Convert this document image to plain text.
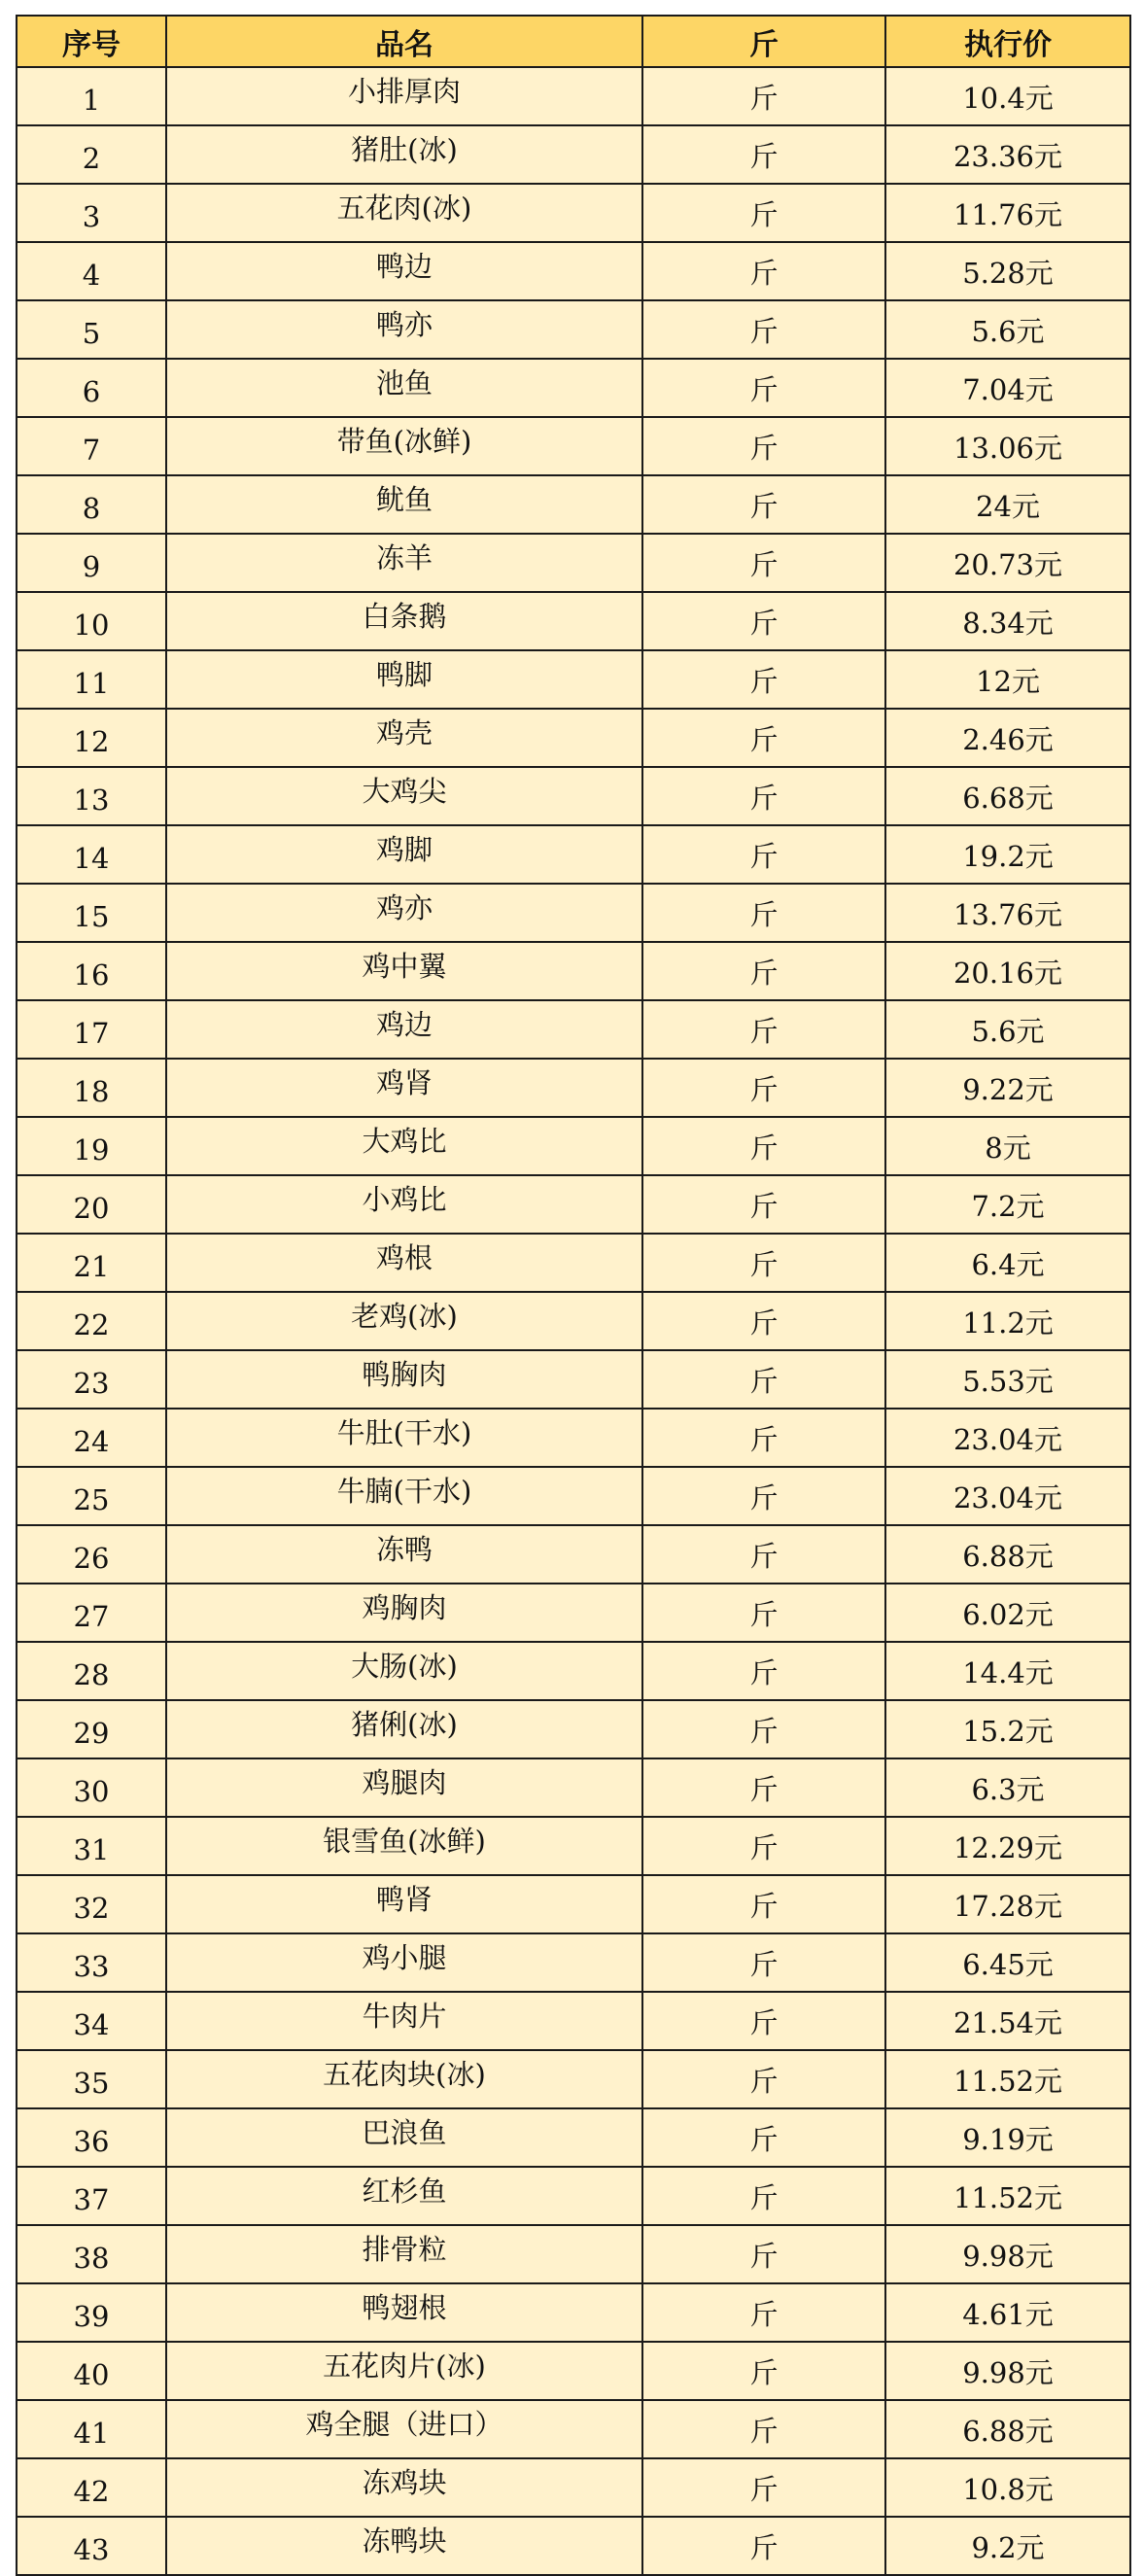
序号	品名	斤	执行价
1	小排厚肉	斤	10.4元
2	猪肚(冰)	斤	23.36元
3	五花肉(冰)	斤	11.76元
4	鸭边	斤	5.28元
5	鸭亦	斤	5.6元
6	池鱼	斤	7.04元
7	带鱼(冰鲜)	斤	13.06元
8	鱿鱼	斤	24元
9	冻羊	斤	20.73元
10	白条鹅	斤	8.34元
11	鸭脚	斤	12元
12	鸡壳	斤	2.46元
13	大鸡尖	斤	6.68元
14	鸡脚	斤	19.2元
15	鸡亦	斤	13.76元
16	鸡中翼	斤	20.16元
17	鸡边	斤	5.6元
18	鸡肾	斤	9.22元
19	大鸡比	斤	8元
20	小鸡比	斤	7.2元
21	鸡根	斤	6.4元
22	老鸡(冰)	斤	11.2元
23	鸭胸肉	斤	5.53元
24	牛肚(干水)	斤	23.04元
25	牛腩(干水)	斤	23.04元
26	冻鸭	斤	6.88元
27	鸡胸肉	斤	6.02元
28	大肠(冰)	斤	14.4元
29	猪俐(冰)	斤	15.2元
30	鸡腿肉	斤	6.3元
31	银雪鱼(冰鲜)	斤	12.29元
32	鸭肾	斤	17.28元
33	鸡小腿	斤	6.45元
34	牛肉片	斤	21.54元
35	五花肉块(冰)	斤	11.52元
36	巴浪鱼	斤	9.19元
37	红杉鱼	斤	11.52元
38	排骨粒	斤	9.98元
39	鸭翅根	斤	4.61元
40	五花肉片(冰)	斤	9.98元
41	鸡全腿（进口）	斤	6.88元
42	冻鸡块	斤	10.8元
43	冻鸭块	斤	9.2元
